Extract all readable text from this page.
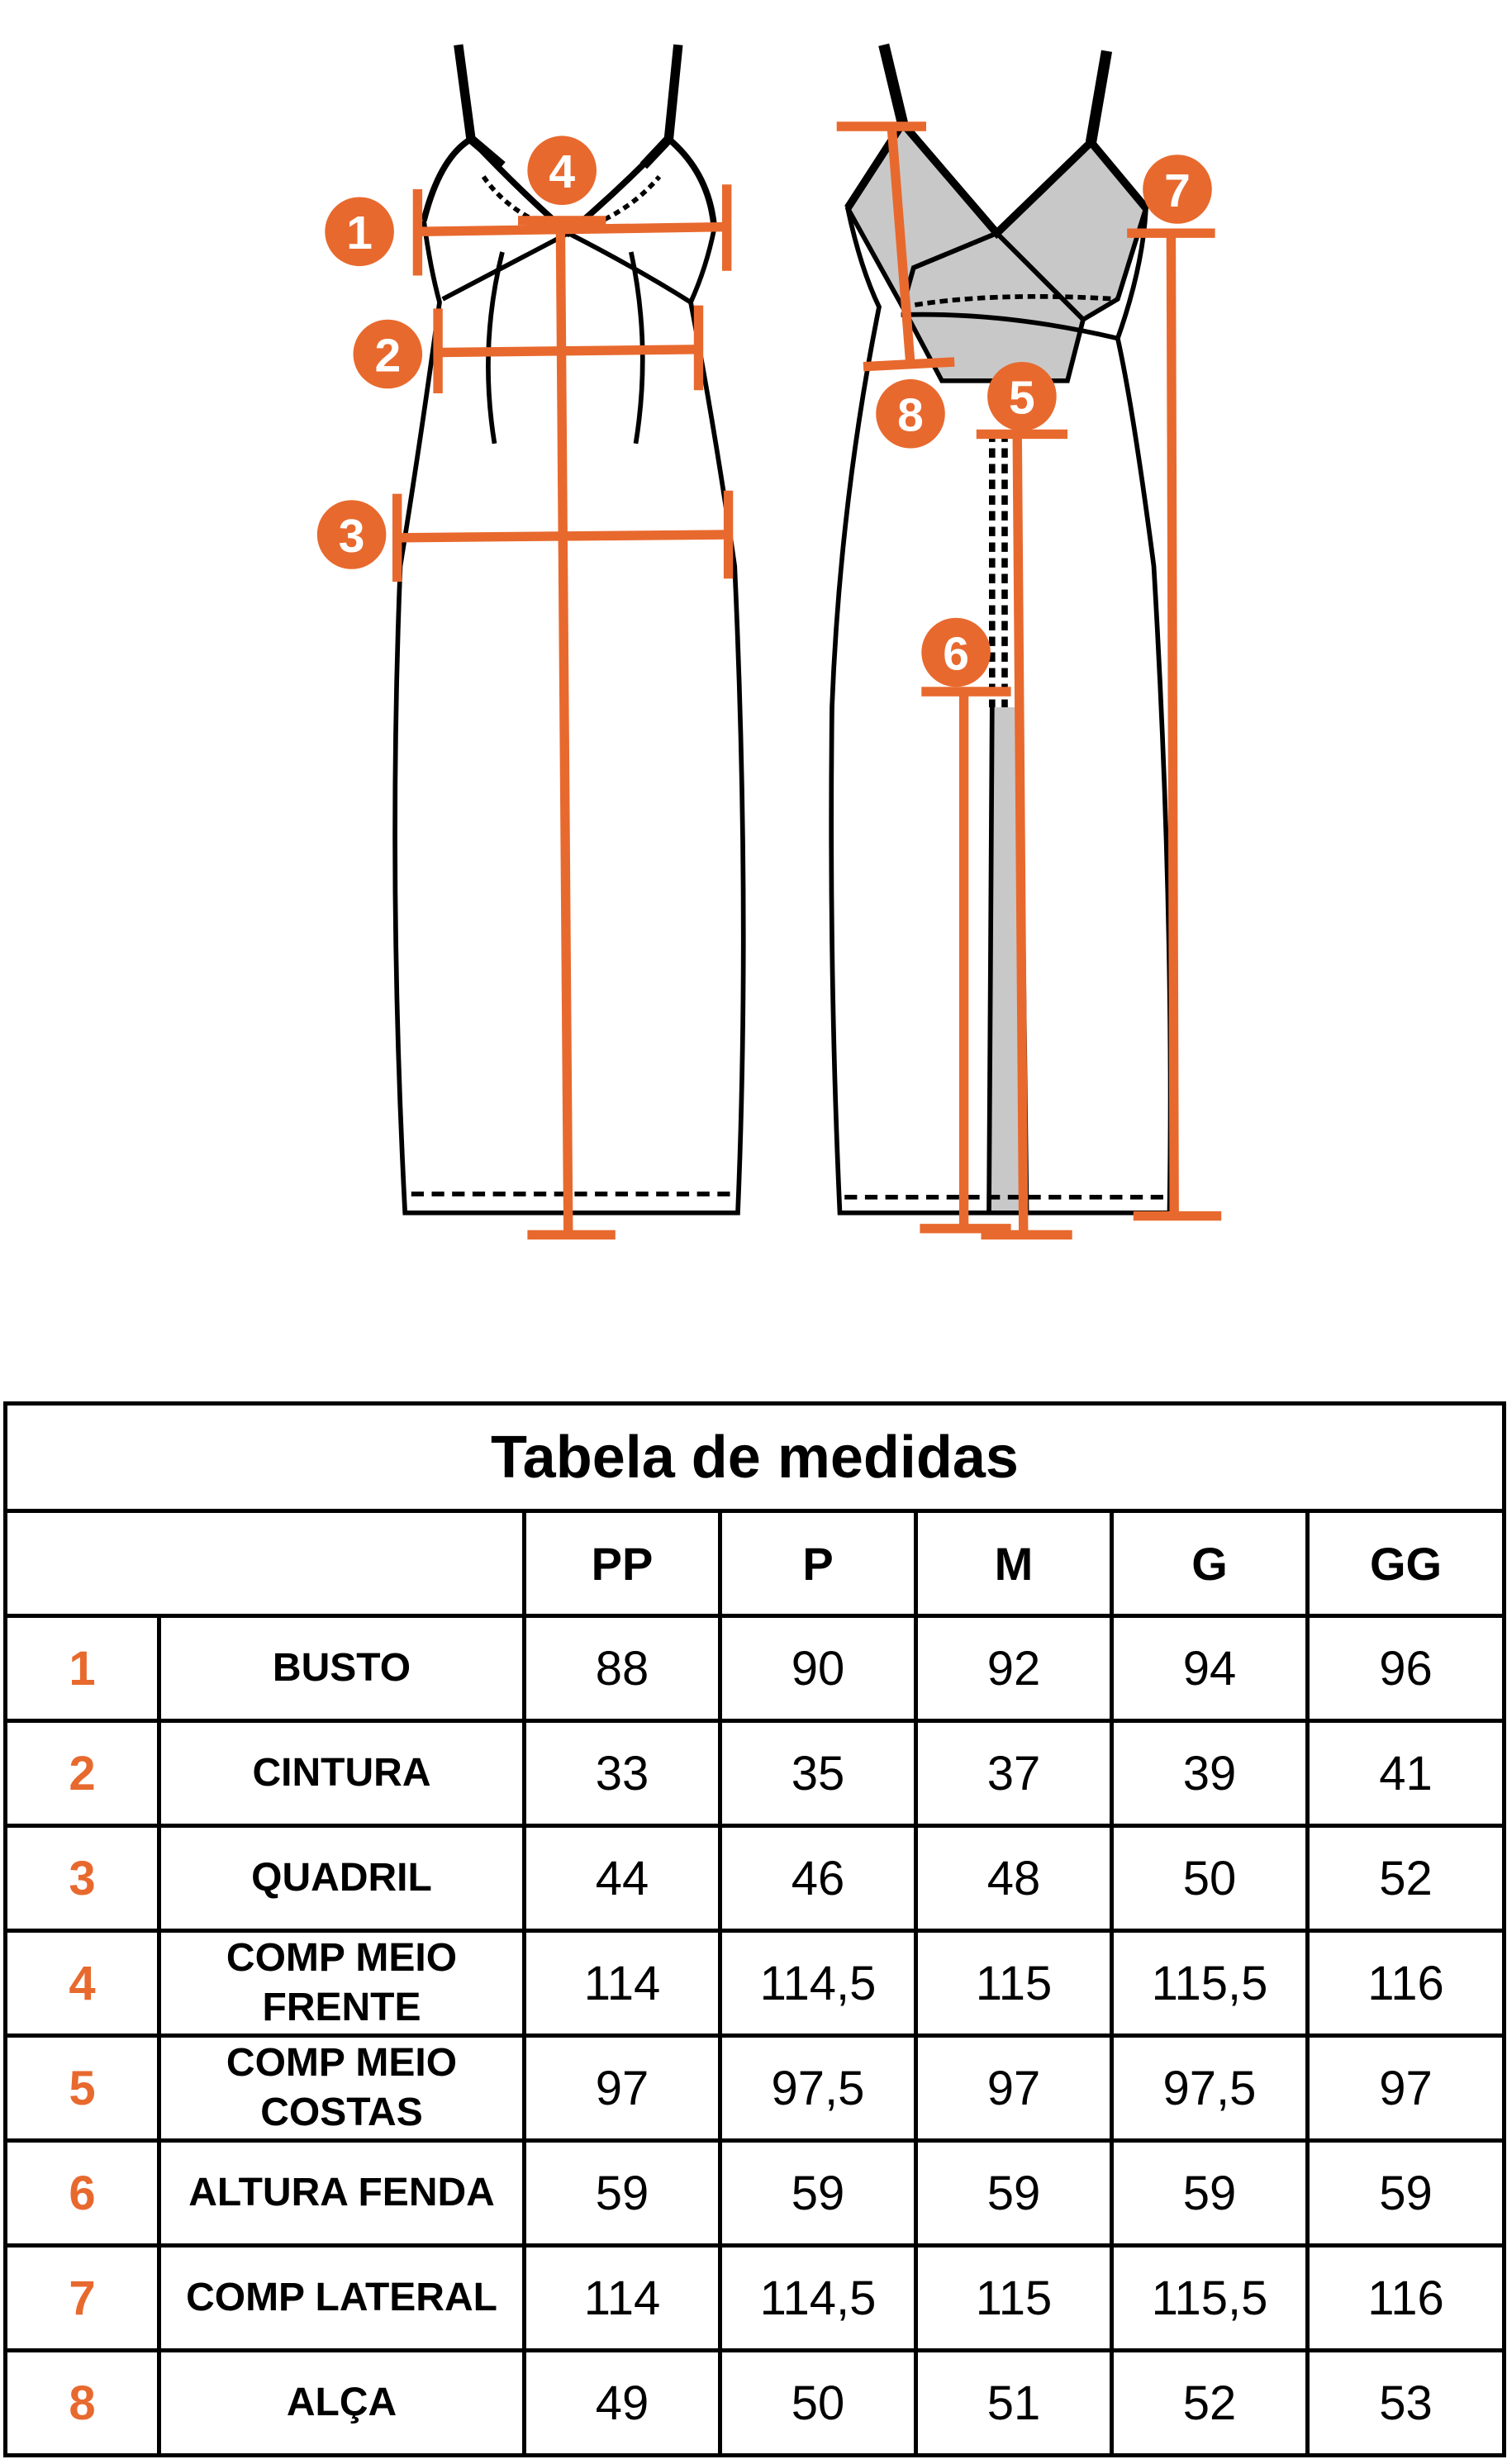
1
2
3
4
5
6
7
8
Tabela de medidas						
		PP	P	M	G	GG
1	BUSTO	88	90	92	94	96
2	CINTURA	33	35	37	39	41
3	QUADRIL	44	46	48	50	52
4	COMP MEIO FRENTE	114	114,5	115	115,5	116
5	COMP MEIO COSTAS	97	97,5	97	97,5	97
6	ALTURA FENDA	59	59	59	59	59
7	COMP LATERAL	114	114,5	115	115,5	116
8	ALÇA	49	50	51	52	53
